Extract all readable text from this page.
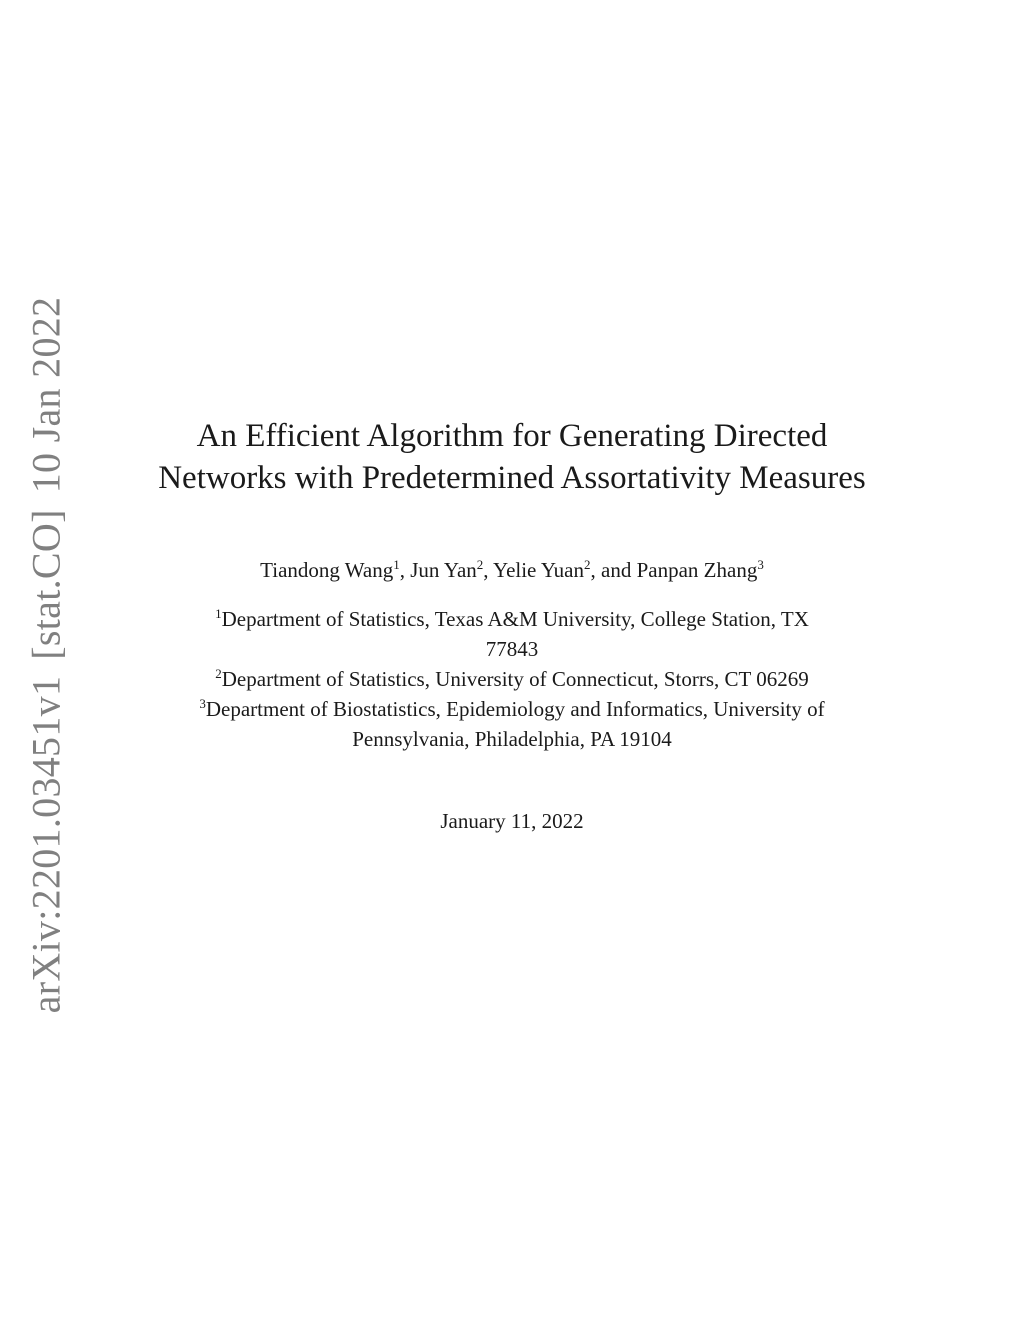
arXiv:2201.03451v1[stat.CO]10 Jan 2022	An Efficient Algorithm for Generating Directed
Networks with Predetermined Assortativity Measures
Tiandong Wang$^1$, Jun Yan$^2$, Yelie Yuan$^2$, and Panpan Zhang$^3$
$^1$Department of Statistics, Texas A&M University, College Station, TX
77843
$^2$Department of Statistics, University of Connecticut, Storrs, CT 06269
$^3$Department of Biostatistics, Epidemiology and Informatics, University of
Pennsylvania, Philadelphia, PA 19104
January 11, 2022
